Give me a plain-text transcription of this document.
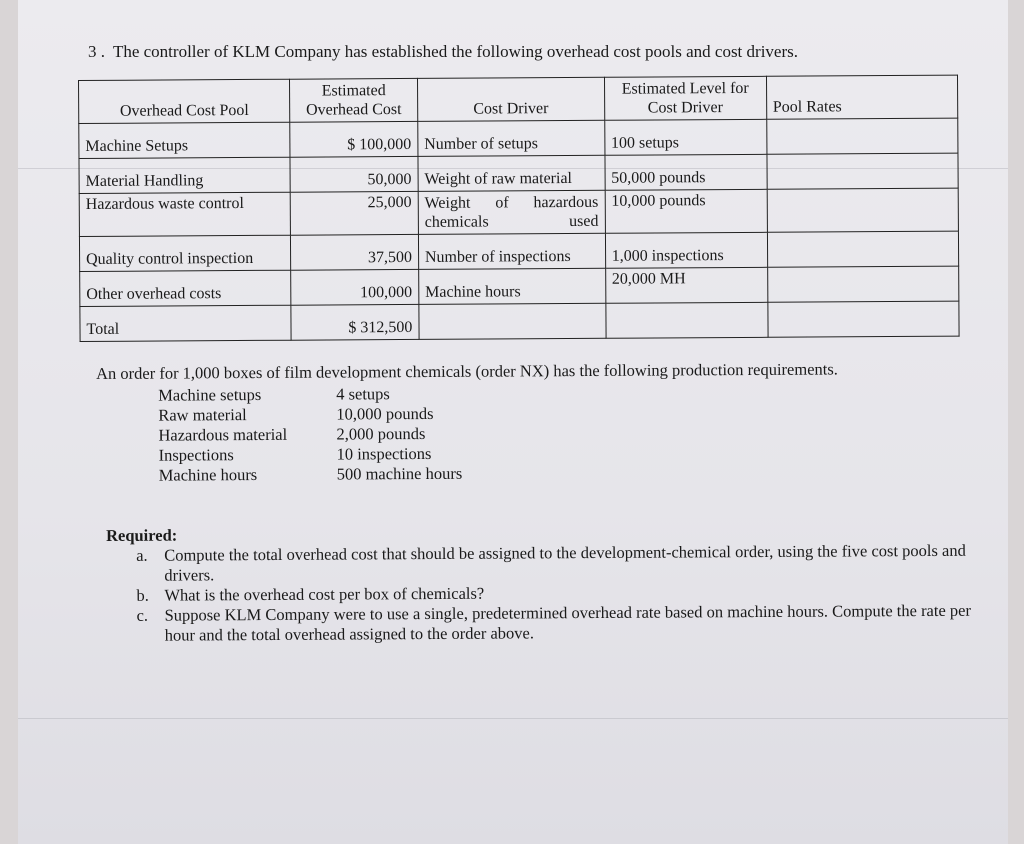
3 . The controller of KLM Company has established the following overhead cost pools and cost drivers.
Overhead Cost Pool	Estimated Overhead Cost	Cost Driver	Estimated Level for Cost Driver	Pool Rates
Machine Setups	$ 100,000	Number of setups	100 setups	
Material Handling	50,000	Weight of raw material	50,000 pounds	
Hazardous waste control	25,000	Weight of hazardous chemicals used	10,000 pounds	
Quality control inspection	37,500	Number of inspections	1,000 inspections	
Other overhead costs	100,000	Machine hours	20,000 MH	
Total	$ 312,500			
An order for 1,000 boxes of film development chemicals (order NX) has the following production requirements.
Machine setups	4 setups
Raw material	10,000 pounds
Hazardous material	2,000 pounds
Inspections	10 inspections
Machine hours	500 machine hours
Required:
a. Compute the total overhead cost that should be assigned to the development-chemical order, using the five cost pools and drivers.
b. What is the overhead cost per box of chemicals?
c. Suppose KLM Company were to use a single, predetermined overhead rate based on machine hours. Compute the rate per hour and the total overhead assigned to the order above.
